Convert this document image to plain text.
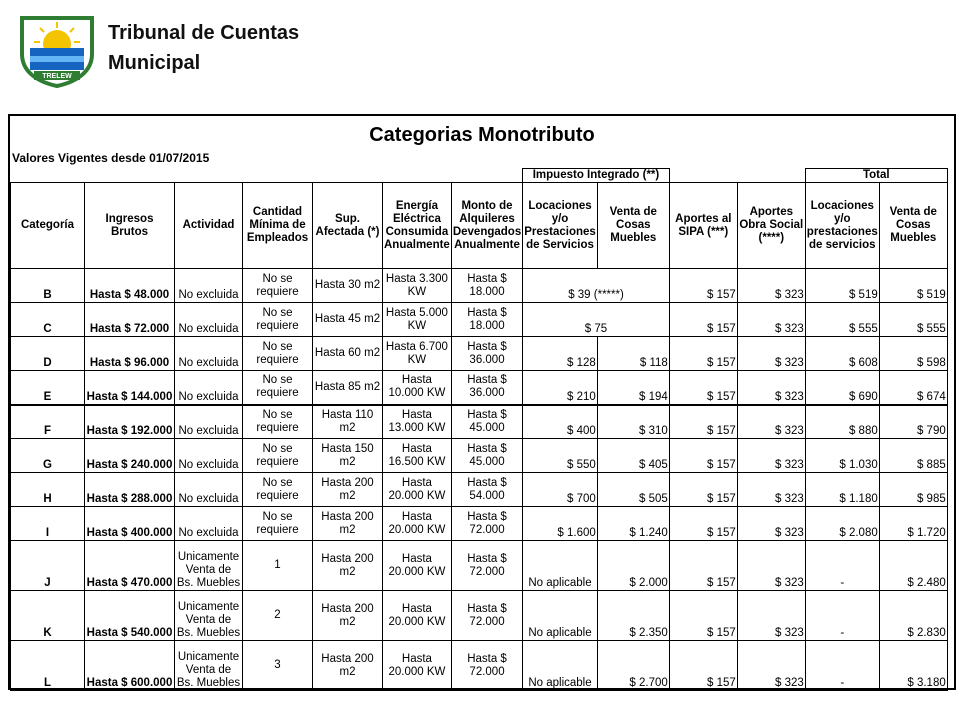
TRELEW
Tribunal de Cuentas
Municipal
Categorias Monotributo
Valores Vigentes desde 01/07/2015
							Impuesto Integrado (**)				Total	
Categoría	Ingresos Brutos	Actividad	Cantidad Mínima de Empleados	Sup. Afectada (*)	Energía Eléctrica Consumida Anualmente	Monto de Alquileres Devengados Anualmente	Locaciones y/o Prestaciones de Servicios	Venta de Cosas Muebles	Aportes al SIPA (***)	Aportes Obra Social (****)	Locaciones y/o prestaciones de servicios	Venta de Cosas Muebles
B	Hasta $ 48.000	No excluida	No se requiere	Hasta 30 m2	Hasta 3.300 KW	Hasta $ 18.000	$ 39 (*****)		$ 157	$ 323	$ 519	$ 519
C	Hasta $ 72.000	No excluida	No se requiere	Hasta 45 m2	Hasta 5.000 KW	Hasta $ 18.000	$ 75		$ 157	$ 323	$ 555	$ 555
D	Hasta $ 96.000	No excluida	No se requiere	Hasta 60 m2	Hasta 6.700 KW	Hasta $ 36.000	$ 128	$ 118	$ 157	$ 323	$ 608	$ 598
E	Hasta $ 144.000	No excluida	No se requiere	Hasta 85 m2	Hasta 10.000 KW	Hasta $ 36.000	$ 210	$ 194	$ 157	$ 323	$ 690	$ 674
F	Hasta $ 192.000	No excluida	No se requiere	Hasta 110 m2	Hasta 13.000 KW	Hasta $ 45.000	$ 400	$ 310	$ 157	$ 323	$ 880	$ 790
G	Hasta $ 240.000	No excluida	No se requiere	Hasta 150 m2	Hasta 16.500 KW	Hasta $ 45.000	$ 550	$ 405	$ 157	$ 323	$ 1.030	$ 885
H	Hasta $ 288.000	No excluida	No se requiere	Hasta 200 m2	Hasta 20.000 KW	Hasta $ 54.000	$ 700	$ 505	$ 157	$ 323	$ 1.180	$ 985
I	Hasta $ 400.000	No excluida	No se requiere	Hasta 200 m2	Hasta 20.000 KW	Hasta $ 72.000	$ 1.600	$ 1.240	$ 157	$ 323	$ 2.080	$ 1.720
J	Hasta $ 470.000	Unicamente Venta de Bs. Muebles	1	Hasta 200 m2	Hasta 20.000 KW	Hasta $ 72.000	No aplicable	$ 2.000	$ 157	$ 323	-	$ 2.480
K	Hasta $ 540.000	Unicamente Venta de Bs. Muebles	2	Hasta 200 m2	Hasta 20.000 KW	Hasta $ 72.000	No aplicable	$ 2.350	$ 157	$ 323	-	$ 2.830
L	Hasta $ 600.000	Unicamente Venta de Bs. Muebles	3	Hasta 200 m2	Hasta 20.000 KW	Hasta $ 72.000	No aplicable	$ 2.700	$ 157	$ 323	-	$ 3.180
